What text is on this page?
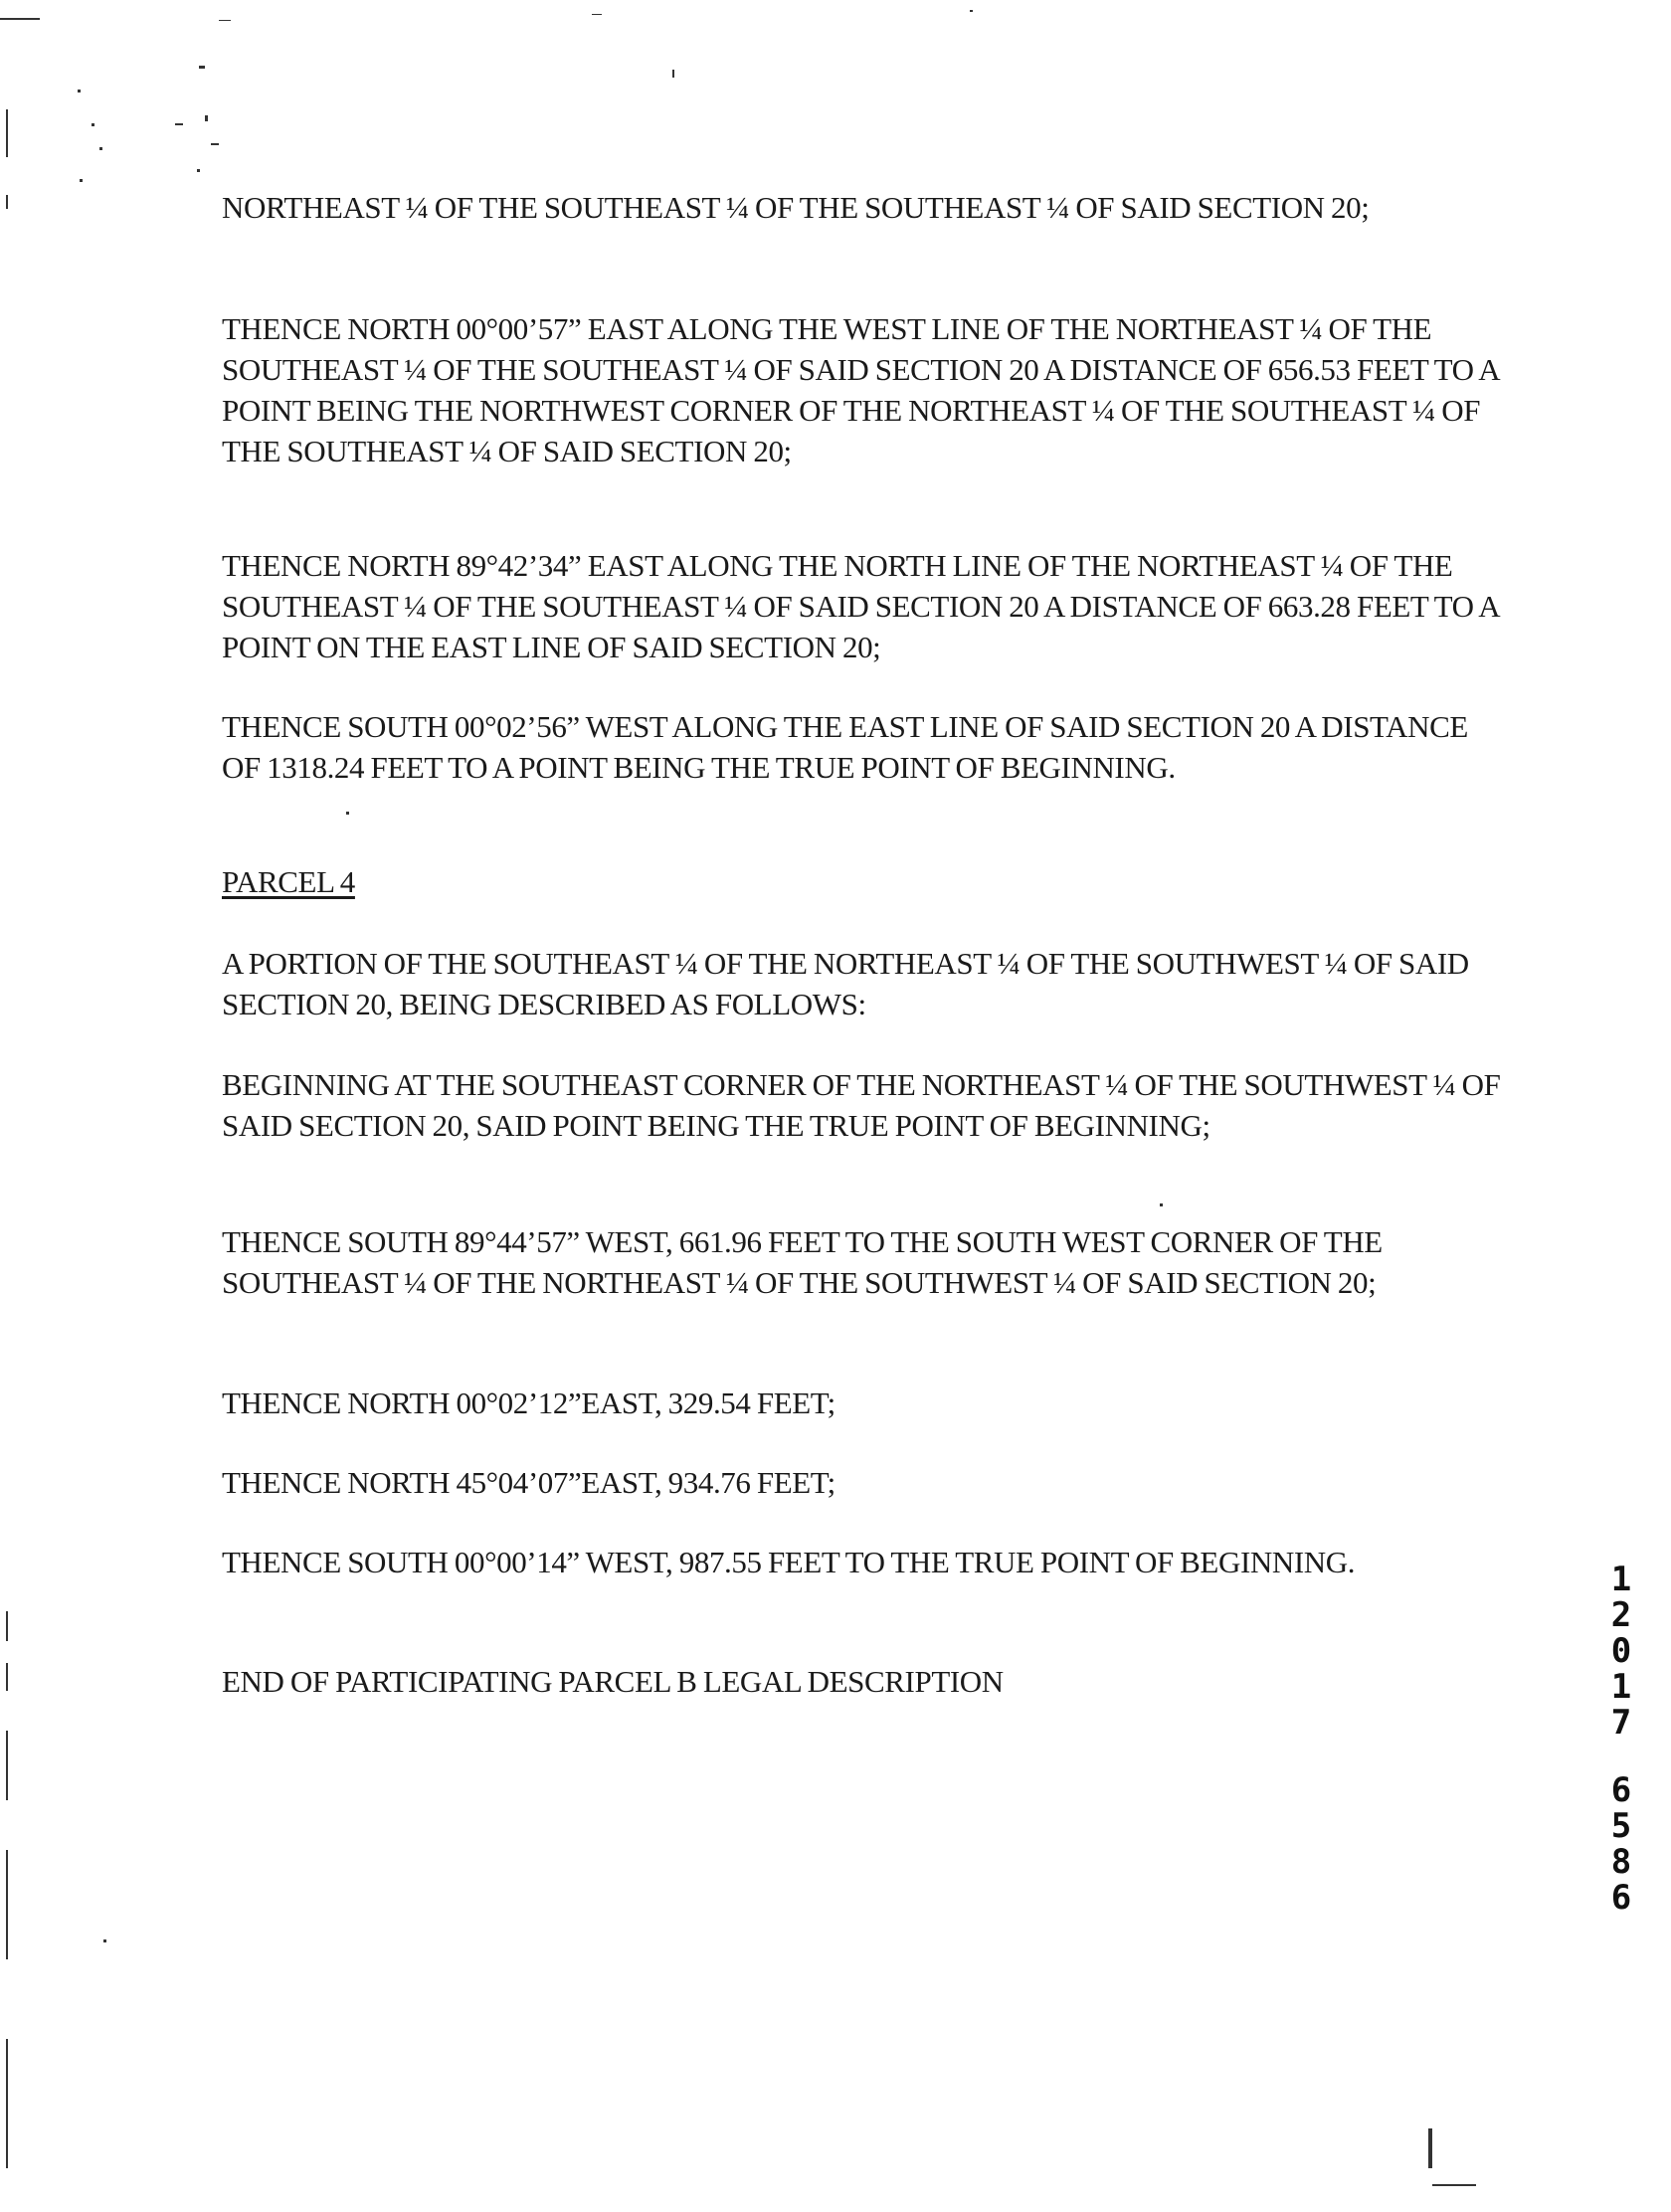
NORTHEAST ¼ OF THE SOUTHEAST ¼ OF THE SOUTHEAST ¼ OF SAID SECTION 20;

THENCE NORTH 00°00’57” EAST ALONG THE WEST LINE OF THE NORTHEAST ¼ OF THE SOUTHEAST ¼ OF THE SOUTHEAST ¼ OF SAID SECTION 20 A DISTANCE OF 656.53 FEET TO A POINT BEING THE NORTHWEST CORNER OF THE NORTHEAST ¼ OF THE SOUTHEAST ¼ OF THE SOUTHEAST ¼ OF SAID SECTION 20;

THENCE NORTH 89°42’34” EAST ALONG THE NORTH LINE OF THE NORTHEAST ¼ OF THE SOUTHEAST ¼ OF THE SOUTHEAST ¼ OF SAID SECTION 20 A DISTANCE OF 663.28 FEET TO A POINT ON THE EAST LINE OF SAID SECTION 20;

THENCE SOUTH 00°02’56” WEST ALONG THE EAST LINE OF SAID SECTION 20 A DISTANCE OF 1318.24 FEET TO A POINT BEING THE TRUE POINT OF BEGINNING.

PARCEL 4

A PORTION OF THE SOUTHEAST ¼ OF THE NORTHEAST ¼ OF THE SOUTHWEST ¼ OF SAID SECTION 20, BEING DESCRIBED AS FOLLOWS:

BEGINNING AT THE SOUTHEAST CORNER OF THE NORTHEAST ¼ OF THE SOUTHWEST ¼ OF SAID SECTION 20, SAID POINT BEING THE TRUE POINT OF BEGINNING;

THENCE SOUTH 89°44’57” WEST, 661.96 FEET TO THE SOUTH WEST CORNER OF THE SOUTHEAST ¼ OF THE NORTHEAST ¼ OF THE SOUTHWEST ¼ OF SAID SECTION 20;

THENCE NORTH 00°02’12”EAST, 329.54 FEET;

THENCE NORTH 45°04’07”EAST, 934.76 FEET;

THENCE SOUTH 00°00’14” WEST, 987.55 FEET TO THE TRUE POINT OF BEGINNING.

END OF PARTICIPATING PARCEL B LEGAL DESCRIPTION

1
2
0
1
7
6
5
8
6
